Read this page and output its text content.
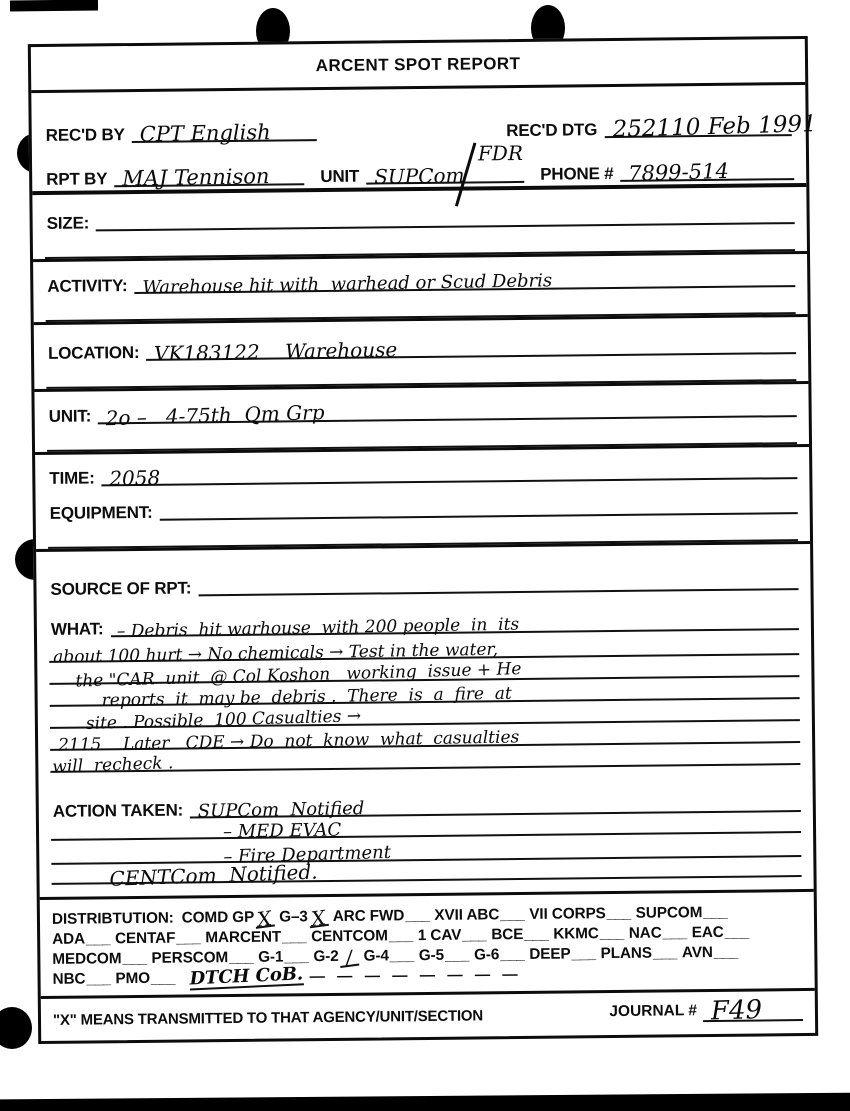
ARCENT SPOT REPORT
REC'D BY CPT English	REC'D DTG 252110 Feb 1991
RPT BY MAJ Tennison	UNIT SUPCom
FDR
PHONE # 7899-514
SIZE:
ACTIVITY: Warehouse hit with  warhead or Scud Debris
LOCATION: VK183122    Warehouse
UNIT: 2o –   4-75th  Qm Grp
TIME: 2058
EQUIPMENT:
SOURCE OF RPT:
WHAT: – Debris  hit warhouse  with 200 people  in  its
about 100 hurt → No chemicals → Test in the water,
the "CAR  unit  @ Col Koshon   working  issue + He
reports  it  may be  debris .  There  is  a  fire  at
site . Possible  100 Casualties →
2115    Later   CDE → Do  not  know  what  casualties
will  recheck .
ACTION TAKEN: SUPCom  Notified
– MED EVAC
– Fire Department
CENTCom  Notified.
DISTRIBTUTION: COMD GPX G–3X ARC FWD___ XVII ABC___ VII CORPS___ SUPCOM___
ADA___ CENTAF___ MARCENT___ CENTCOM___ 1 CAV___ BCE___ KKMC___ NAC___ EAC___
MEDCOM___ PERSCOM___ G-1___ G-2 / G-4___ G-5___ G-6___ DEEP___ PLANS___ AVN___
NBC___ PMO___ DTCH CoB. — — — — — — — —
"X" MEANS TRANSMITTED TO THAT AGENCY/UNIT/SECTION	JOURNAL # F49
